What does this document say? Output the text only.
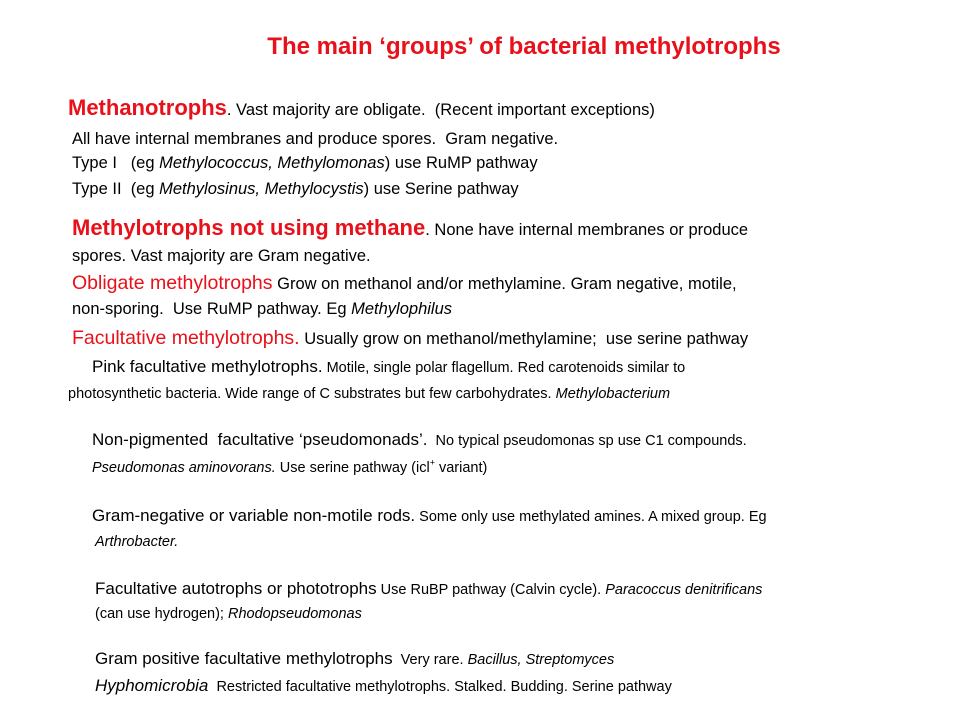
The main ‘groups’ of bacterial methylotrophs
Methanotrophs. Vast majority are obligate.  (Recent important exceptions)
All have internal membranes and produce spores.  Gram negative.
Type I   (eg Methylococcus, Methylomonas) use RuMP pathway
Type II  (eg Methylosinus, Methylocystis) use Serine pathway
Methylotrophs not using methane. None have internal membranes or produce
spores. Vast majority are Gram negative.
Obligate methylotrophs Grow on methanol and/or methylamine. Gram negative, motile,
non-sporing.  Use RuMP pathway. Eg Methylophilus
Facultative methylotrophs. Usually grow on methanol/methylamine;  use serine pathway
Pink facultative methylotrophs. Motile, single polar flagellum. Red carotenoids similar to
photosynthetic bacteria. Wide range of C substrates but few carbohydrates. Methylobacterium
Non-pigmented  facultative ‘pseudomonads’.  No typical pseudomonas sp use C1 compounds.
Pseudomonas aminovorans. Use serine pathway (icl+ variant)
Gram-negative or variable non-motile rods. Some only use methylated amines. A mixed group. Eg
Arthrobacter.
Facultative autotrophs or phototrophs Use RuBP pathway (Calvin cycle). Paracoccus denitrificans
(can use hydrogen); Rhodopseudomonas
Gram positive facultative methylotrophs  Very rare. Bacillus, Streptomyces
Hyphomicrobia  Restricted facultative methylotrophs. Stalked. Budding. Serine pathway
